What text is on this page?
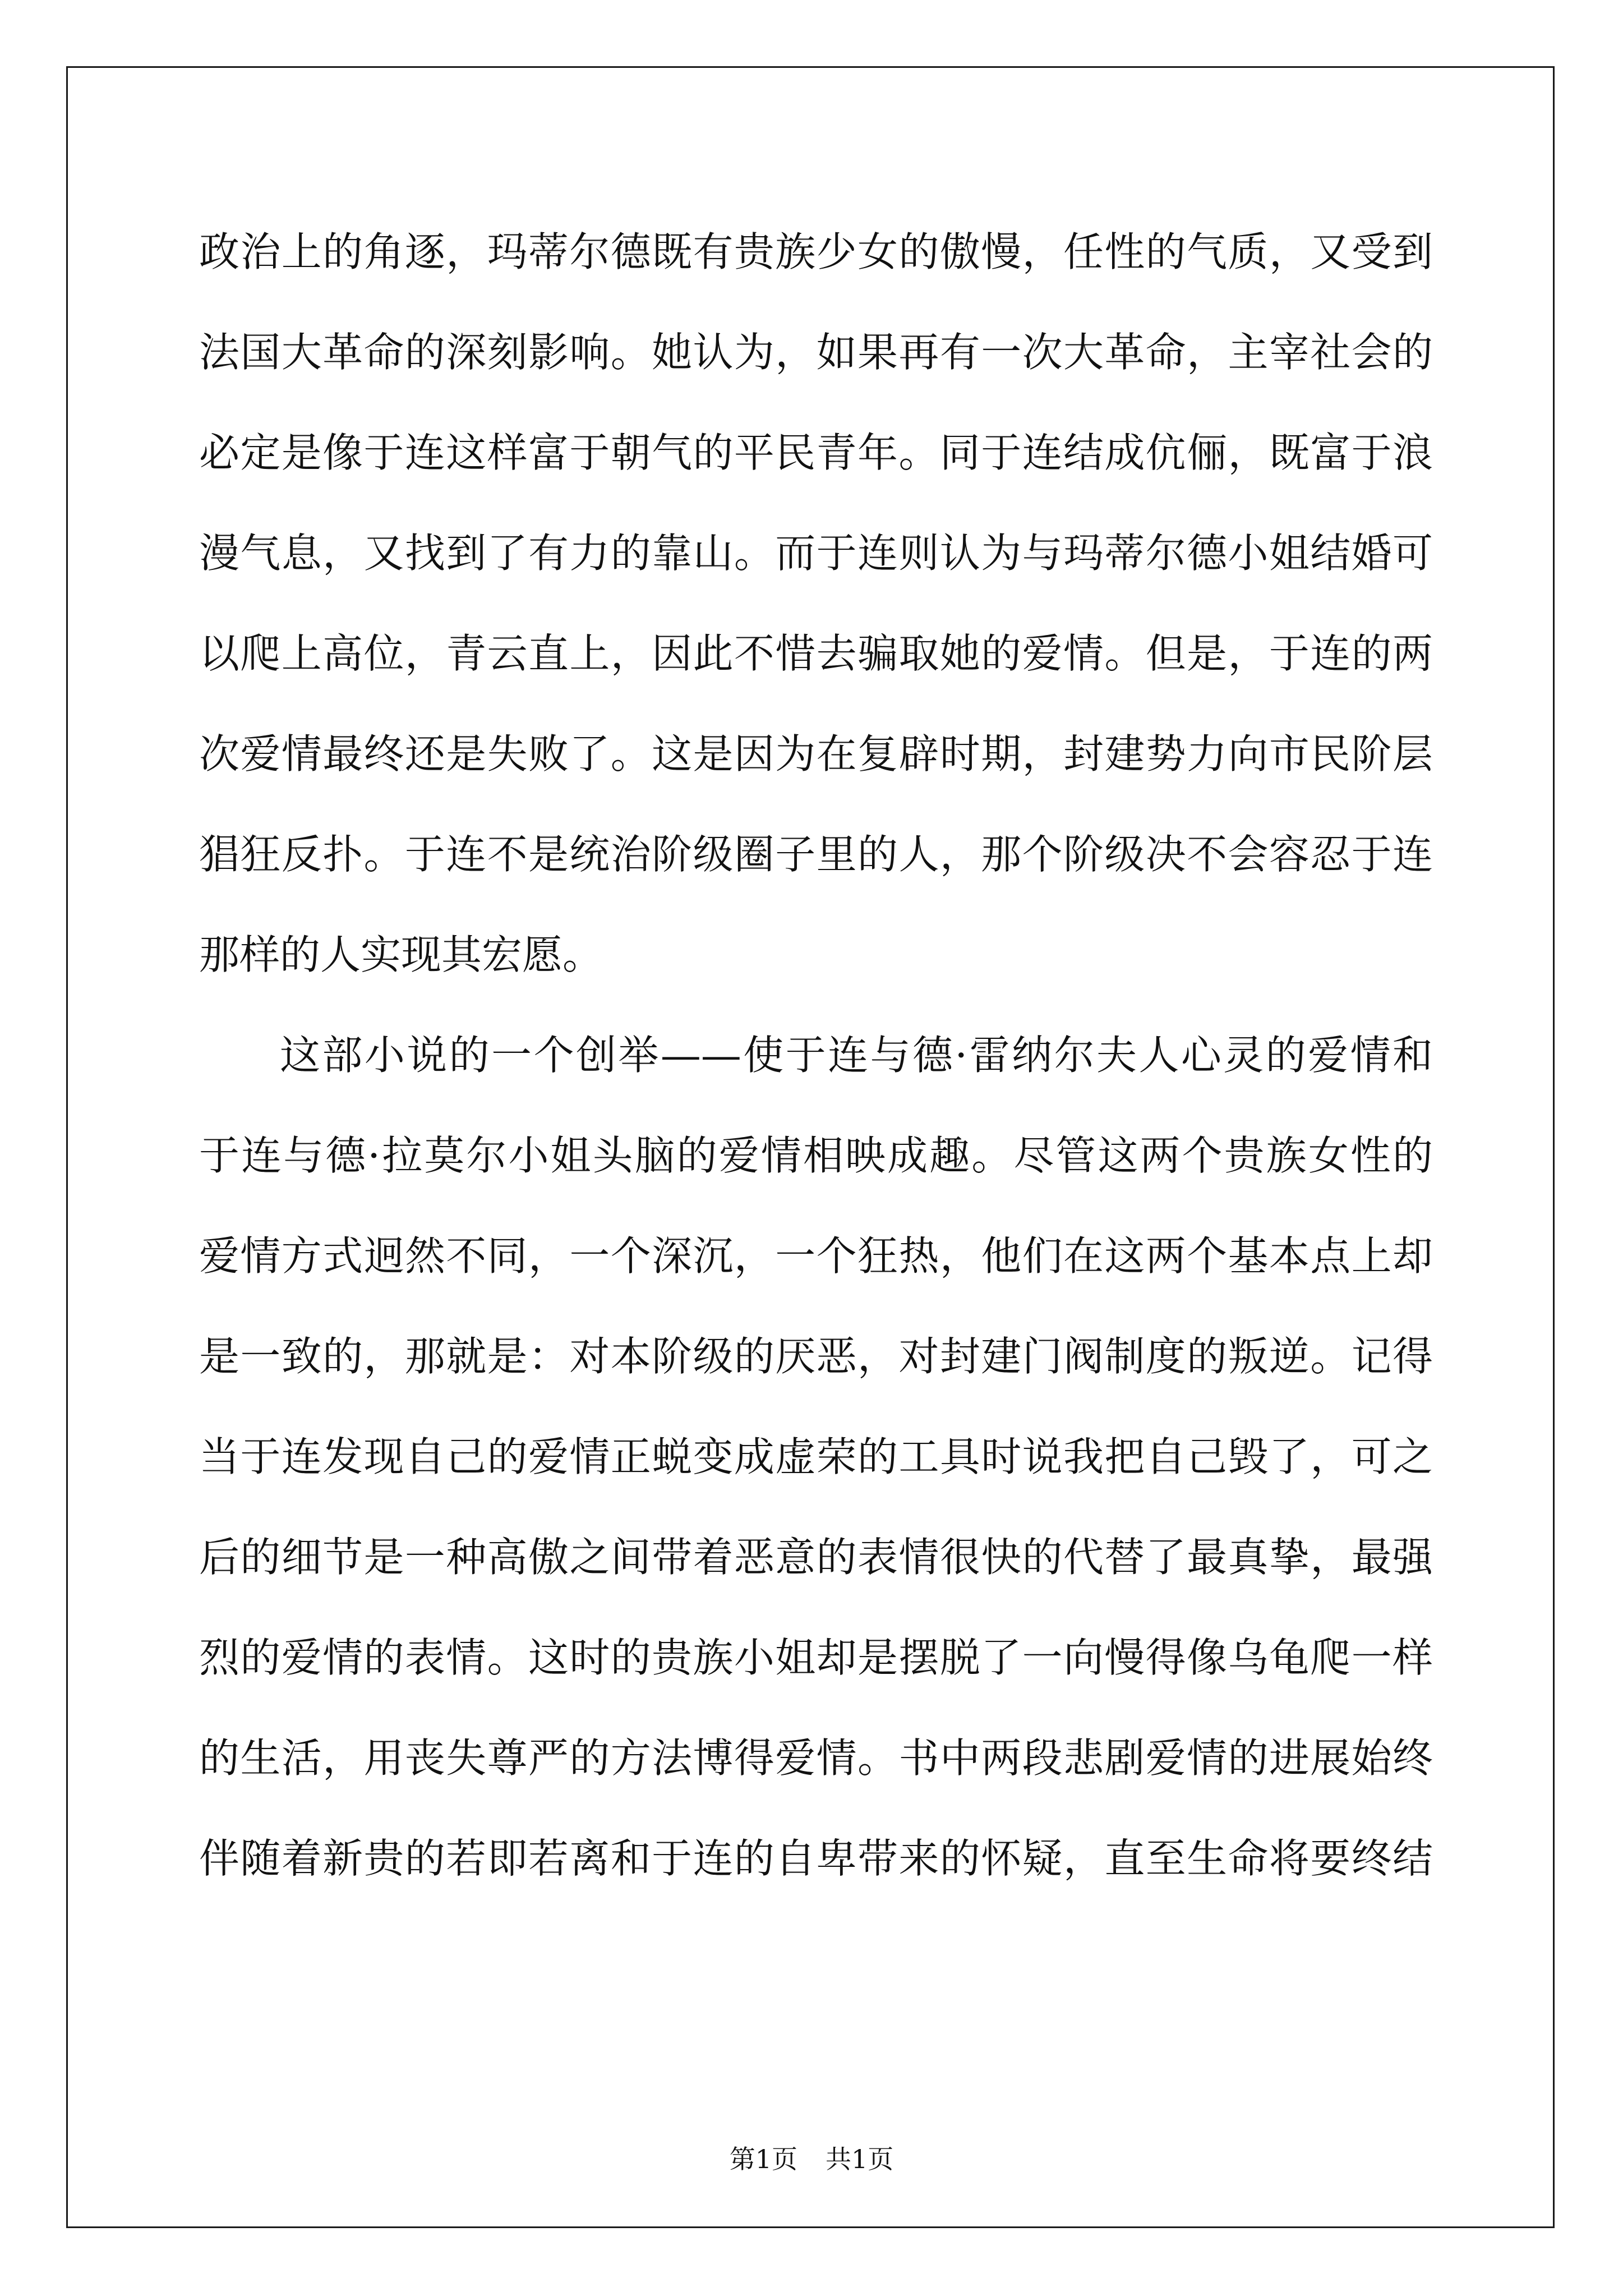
政治上的角逐，玛蒂尔德既有贵族少女的傲慢，任性的气质，又受到
法国大革命的深刻影响。她认为，如果再有一次大革命，主宰社会的
必定是像于连这样富于朝气的平民青年。同于连结成伉俪，既富于浪
漫气息，又找到了有力的靠山。而于连则认为与玛蒂尔德小姐结婚可
以爬上高位，青云直上，因此不惜去骗取她的爱情。但是，于连的两
次爱情最终还是失败了。这是因为在复辟时期，封建势力向市民阶层
猖狂反扑。于连不是统治阶级圈子里的人，那个阶级决不会容忍于连
那样的人实现其宏愿。
这部小说的一个创举——使于连与德·雷纳尔夫人心灵的爱情和
于连与德·拉莫尔小姐头脑的爱情相映成趣。尽管这两个贵族女性的
爱情方式迥然不同，一个深沉，一个狂热，他们在这两个基本点上却
是一致的，那就是：对本阶级的厌恶，对封建门阀制度的叛逆。记得
当于连发现自己的爱情正蜕变成虚荣的工具时说我把自己毁了，可之
后的细节是一种高傲之间带着恶意的表情很快的代替了最真挚，最强
烈的爱情的表情。这时的贵族小姐却是摆脱了一向慢得像乌龟爬一样
的生活，用丧失尊严的方法博得爱情。书中两段悲剧爱情的进展始终
伴随着新贵的若即若离和于连的自卑带来的怀疑，直至生命将要终结
第1页 共1页
